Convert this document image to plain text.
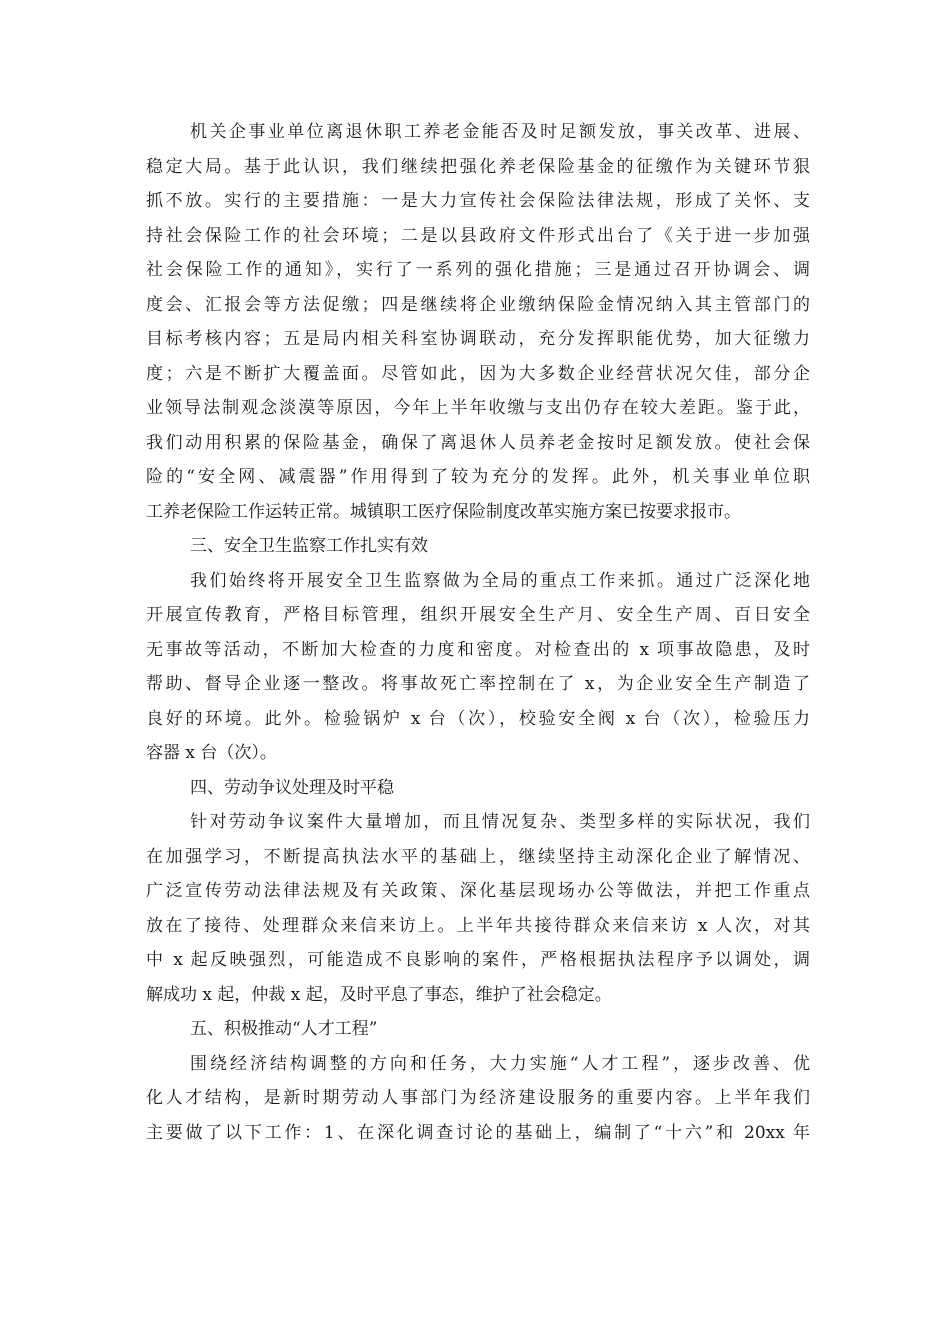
机关企事业单位离退休职工养老金能否及时足额发放，事关改革、进展、
稳定大局。基于此认识，我们继续把强化养老保险基金的征缴作为关键环节狠
抓不放。实行的主要措施：一是大力宣传社会保险法律法规，形成了关怀、支
持社会保险工作的社会环境；二是以县政府文件形式出台了《关于进一步加强
社会保险工作的通知》，实行了一系列的强化措施；三是通过召开协调会、调
度会、汇报会等方法促缴；四是继续将企业缴纳保险金情况纳入其主管部门的
目标考核内容；五是局内相关科室协调联动，充分发挥职能优势，加大征缴力
度；六是不断扩大覆盖面。尽管如此，因为大多数企业经营状况欠佳，部分企
业领导法制观念淡漠等原因，今年上半年收缴与支出仍存在较大差距。鉴于此，
我们动用积累的保险基金，确保了离退休人员养老金按时足额发放。使社会保
险的“安全网、减震器”作用得到了较为充分的发挥。此外，机关事业单位职
工养老保险工作运转正常。城镇职工医疗保险制度改革实施方案已按要求报市。
三、安全卫生监察工作扎实有效
我们始终将开展安全卫生监察做为全局的重点工作来抓。通过广泛深化地
开展宣传教育，严格目标管理，组织开展安全生产月、安全生产周、百日安全
无事故等活动，不断加大检查的力度和密度。对检查出的 x 项事故隐患，及时
帮助、督导企业逐一整改。将事故死亡率控制在了 x，为企业安全生产制造了
良好的环境。此外。检验锅炉 x 台（次），校验安全阀 x 台（次），检验压力
容器 x 台（次）。
四、劳动争议处理及时平稳
针对劳动争议案件大量增加，而且情况复杂、类型多样的实际状况，我们
在加强学习，不断提高执法水平的基础上，继续坚持主动深化企业了解情况、
广泛宣传劳动法律法规及有关政策、深化基层现场办公等做法，并把工作重点
放在了接待、处理群众来信来访上。上半年共接待群众来信来访 x 人次，对其
中 x 起反映强烈，可能造成不良影响的案件，严格根据执法程序予以调处，调
解成功 x 起，仲裁 x 起，及时平息了事态，维护了社会稳定。
五、积极推动“人才工程”
围绕经济结构调整的方向和任务，大力实施“人才工程”，逐步改善、优
化人才结构，是新时期劳动人事部门为经济建设服务的重要内容。上半年我们
主要做了以下工作：1、在深化调查讨论的基础上，编制了“十六”和 20xx 年
